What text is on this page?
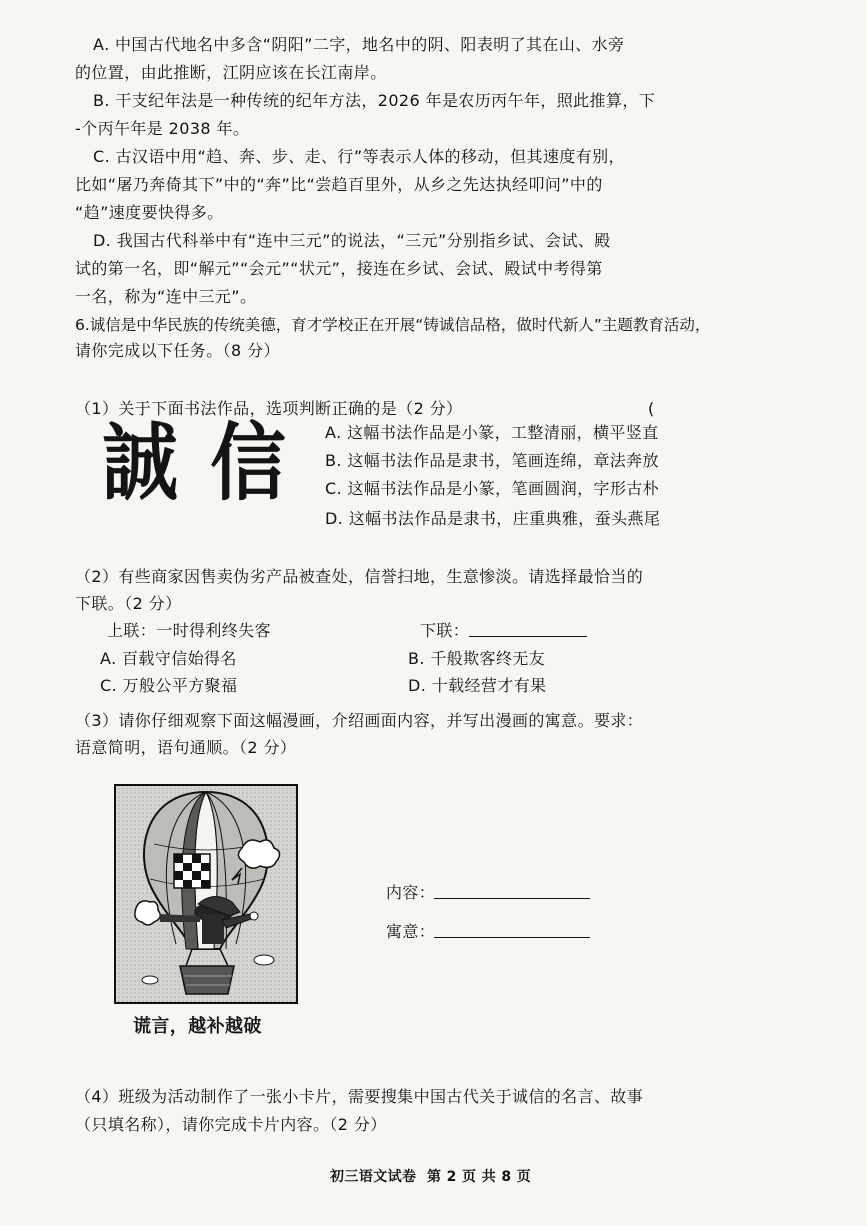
A. 中国古代地名中多含“阴阳”二字，地名中的阴、阳表明了其在山、水旁
的位置，由此推断，江阴应该在长江南岸。
B. 干支纪年法是一种传统的纪年方法，2026 年是农历丙午年，照此推算，下
-个丙午年是 2038 年。
C. 古汉语中用“趋、奔、步、走、行”等表示人体的移动，但其速度有别，
比如“屠乃奔倚其下”中的“奔”比“尝趋百里外，从乡之先达执经叩问”中的
“趋”速度要快得多。
D. 我国古代科举中有“连中三元”的说法，“三元”分别指乡试、会试、殿
试的第一名，即“解元”“会元”“状元”，接连在乡试、会试、殿试中考得第
一名，称为“连中三元”。
6.诚信是中华民族的传统美德，育才学校正在开展“铸诚信品格，做时代新人”主题教育活动，
请你完成以下任务。（8 分）
（1）关于下面书法作品，选项判断正确的是（2 分）	(
誠 信 A. 这幅书法作品是小篆，工整清丽，横平竖直
B. 这幅书法作品是隶书，笔画连绵，章法奔放
C. 这幅书法作品是小篆，笔画圆润，字形古朴
D. 这幅书法作品是隶书，庄重典雅，蚕头燕尾
（2）有些商家因售卖伪劣产品被查处，信誉扫地，生意惨淡。请选择最恰当的
下联。（2 分）
上联：一时得利终失客	下联：
A. 百载守信始得名	B. 千般欺客终无友
C. 万般公平方聚福	D. 十载经营才有果
（3）请你仔细观察下面这幅漫画，介绍画面内容，并写出漫画的寓意。要求：
语意简明，语句通顺。（2 分）
谎言，越补越破
内容：
寓意：
（4）班级为活动制作了一张小卡片，需要搜集中国古代关于诚信的名言、故事
（只填名称），请你完成卡片内容。（2 分）
初三语文试卷  第 2 页 共 8 页
